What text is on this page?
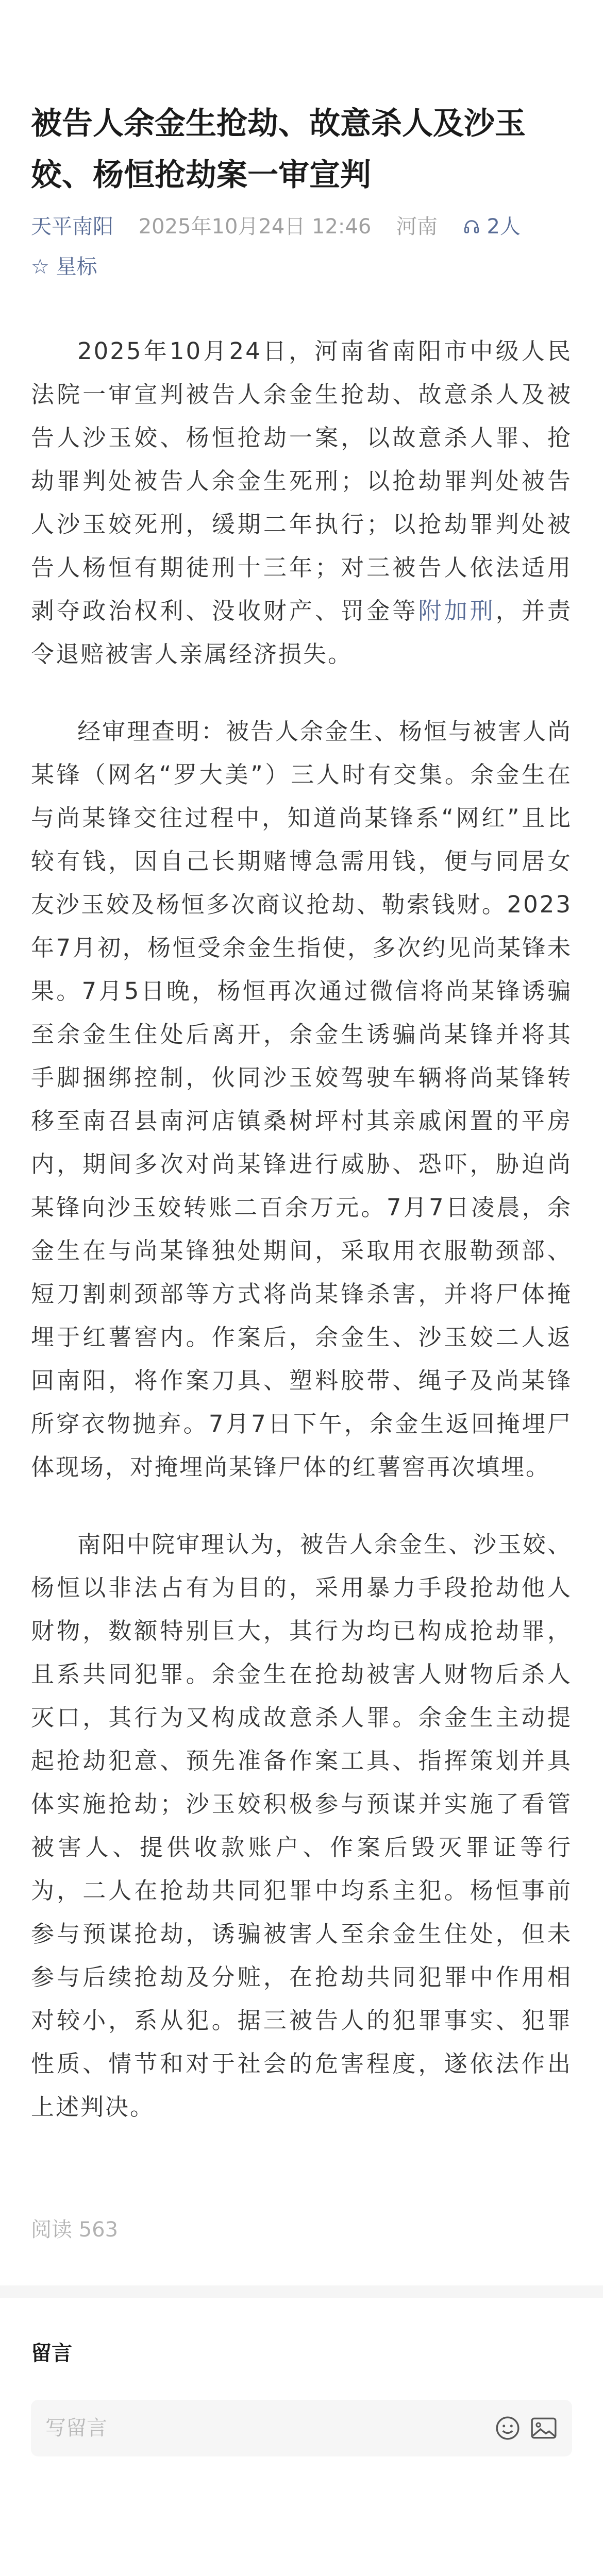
被告人余金生抢劫、故意杀人及沙玉姣、杨恒抢劫案一审宣判
天平南阳 2025年10月24日 12:46 河南 2人
☆ 星标

2025年10月24日，河南省南阳市中级人民法院一审宣判被告人余金生抢劫、故意杀人及被告人沙玉姣、杨恒抢劫一案，以故意杀人罪、抢劫罪判处被告人余金生死刑；以抢劫罪判处被告人沙玉姣死刑，缓期二年执行；以抢劫罪判处被告人杨恒有期徒刑十三年；对三被告人依法适用剥夺政治权利、没收财产、罚金等附加刑，并责令退赔被害人亲属经济损失。

经审理查明：被告人余金生、杨恒与被害人尚某锋（网名“罗大美”）三人时有交集。余金生在与尚某锋交往过程中，知道尚某锋系“网红”且比较有钱，因自己长期赌博急需用钱，便与同居女友沙玉姣及杨恒多次商议抢劫、勒索钱财。2023年7月初，杨恒受余金生指使，多次约见尚某锋未果。7月5日晚，杨恒再次通过微信将尚某锋诱骗至余金生住处后离开，余金生诱骗尚某锋并将其手脚捆绑控制，伙同沙玉姣驾驶车辆将尚某锋转移至南召县南河店镇桑树坪村其亲戚闲置的平房内，期间多次对尚某锋进行威胁、恐吓，胁迫尚某锋向沙玉姣转账二百余万元。7月7日凌晨，余金生在与尚某锋独处期间，采取用衣服勒颈部、短刀割刺颈部等方式将尚某锋杀害，并将尸体掩埋于红薯窖内。作案后，余金生、沙玉姣二人返回南阳，将作案刀具、塑料胶带、绳子及尚某锋所穿衣物抛弃。7月7日下午，余金生返回掩埋尸体现场，对掩埋尚某锋尸体的红薯窖再次填埋。

南阳中院审理认为，被告人余金生、沙玉姣、杨恒以非法占有为目的，采用暴力手段抢劫他人财物，数额特别巨大，其行为均已构成抢劫罪，且系共同犯罪。余金生在抢劫被害人财物后杀人灭口，其行为又构成故意杀人罪。余金生主动提起抢劫犯意、预先准备作案工具、指挥策划并具体实施抢劫；沙玉姣积极参与预谋并实施了看管被害人、提供收款账户、作案后毁灭罪证等行为，二人在抢劫共同犯罪中均系主犯。杨恒事前参与预谋抢劫，诱骗被害人至余金生住处，但未参与后续抢劫及分赃，在抢劫共同犯罪中作用相对较小，系从犯。据三被告人的犯罪事实、犯罪性质、情节和对于社会的危害程度，遂依法作出上述判决。

阅读 563
留言
写留言
